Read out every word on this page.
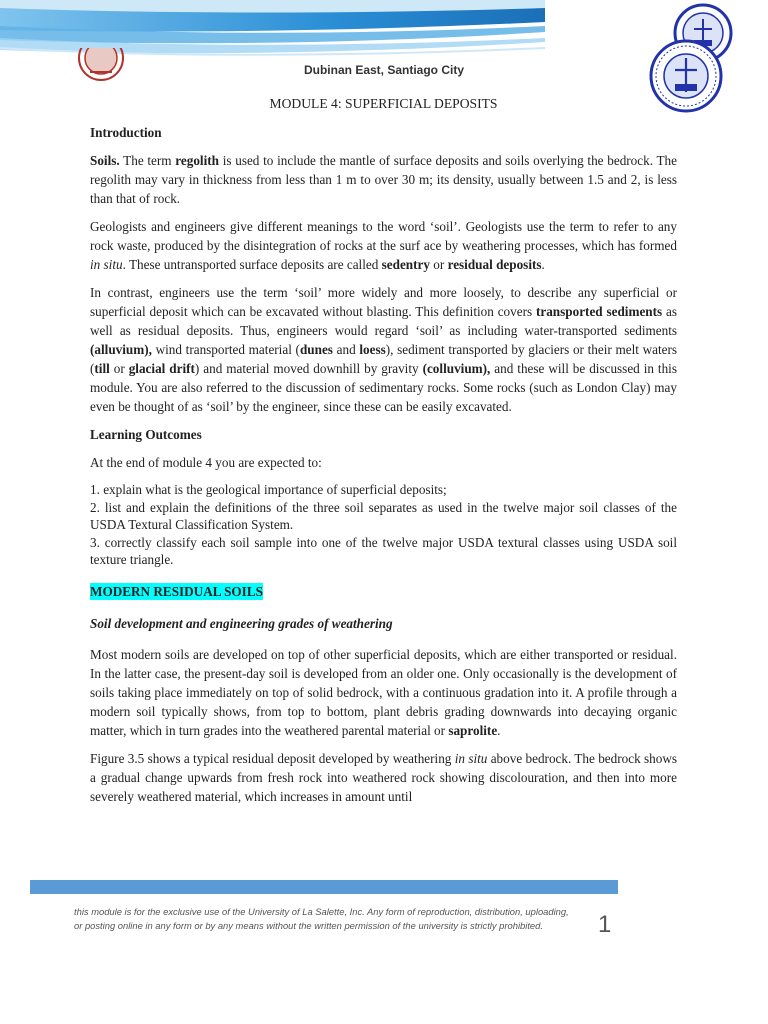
Dubinan East, Santiago City
MODULE 4: SUPERFICIAL DEPOSITS
Introduction

Soils. The term regolith is used to include the mantle of surface deposits and soils overlying the bedrock. The regolith may vary in thickness from less than 1 m to over 30 m; its density, usually between 1.5 and 2, is less than that of rock.

Geologists and engineers give different meanings to the word ‘soil’. Geologists use the term to refer to any rock waste, produced by the disintegration of rocks at the surf ace by weathering processes, which has formed in situ. These untransported surface deposits are called sedentry or residual deposits.

In contrast, engineers use the term ‘soil’ more widely and more loosely, to describe any superficial or superficial deposit which can be excavated without blasting. This definition covers transported sediments as well as residual deposits. Thus, engineers would regard ‘soil’ as including water-transported sediments (alluvium), wind transported material (dunes and loess), sediment transported by glaciers or their melt waters (till or glacial drift) and material moved downhill by gravity (colluvium), and these will be discussed in this module. You are also referred to the discussion of sedimentary rocks. Some rocks (such as London Clay) may even be thought of as ‘soil’ by the engineer, since these can be easily excavated.

Learning Outcomes

At the end of module 4 you are expected to:

1. explain what is the geological importance of superficial deposits;

2. list and explain the definitions of the three soil separates as used in the twelve major soil classes of the USDA Textural Classification System.

3. correctly classify each soil sample into one of the twelve major USDA textural classes using USDA soil texture triangle.

MODERN RESIDUAL SOILS
Soil development and engineering grades of weathering

Most modern soils are developed on top of other superficial deposits, which are either transported or residual. In the latter case, the present-day soil is developed from an older one. Only occasionally is the development of soils taking place immediately on top of solid bedrock, with a continuous gradation into it. A profile through a modern soil typically shows, from top to bottom, plant debris grading downwards into decaying organic matter, which in turn grades into the weathered parental material or saprolite.

Figure 3.5 shows a typical residual deposit developed by weathering in situ above bedrock. The bedrock shows a gradual change upwards from fresh rock into weathered rock showing discolouration, and then into more severely weathered material, which increases in amount until

this module is for the exclusive use of the University of La Salette, Inc. Any form of reproduction, distribution, uploading, or posting online in any form or by any means without the written permission of the university is strictly prohibited.	1
